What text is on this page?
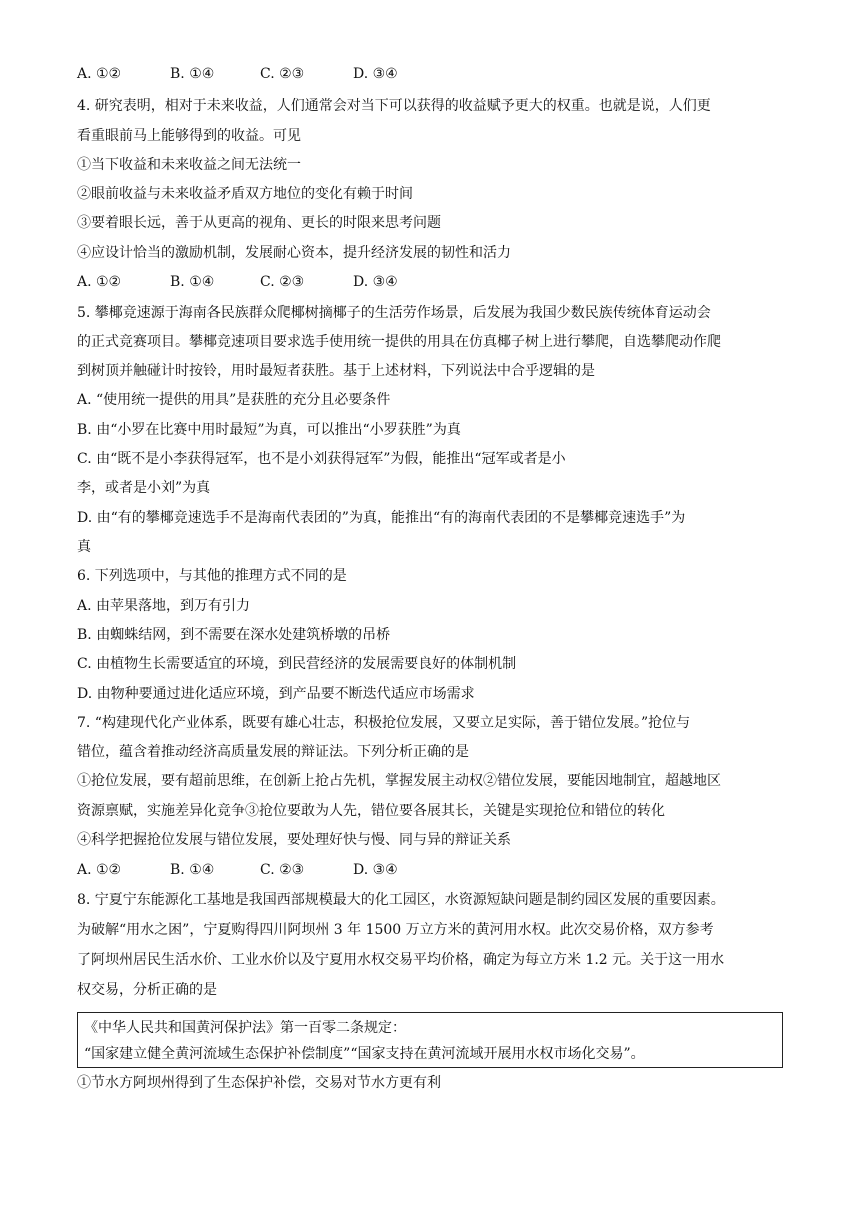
A. ①②	B. ①④	C. ②③	D. ③④
4. 研究表明，相对于未来收益，人们通常会对当下可以获得的收益赋予更大的权重。也就是说，人们更
看重眼前马上能够得到的收益。可见
①当下收益和未来收益之间无法统一
②眼前收益与未来收益矛盾双方地位的变化有赖于时间
③要着眼长远，善于从更高的视角、更长的时限来思考问题
④应设计恰当的激励机制，发展耐心资本，提升经济发展的韧性和活力
A. ①②	B. ①④	C. ②③	D. ③④
5. 攀椰竞速源于海南各民族群众爬椰树摘椰子的生活劳作场景，后发展为我国少数民族传统体育运动会
的正式竞赛项目。攀椰竞速项目要求选手使用统一提供的用具在仿真椰子树上进行攀爬，自选攀爬动作爬
到树顶并触碰计时按铃，用时最短者获胜。基于上述材料，下列说法中合乎逻辑的是
A. “使用统一提供的用具”是获胜的充分且必要条件
B. 由“小罗在比赛中用时最短”为真，可以推出“小罗获胜”为真
C. 由“既不是小李获得冠军，也不是小刘获得冠军”为假，能推出“冠军或者是小
李，或者是小刘”为真
D. 由“有的攀椰竞速选手不是海南代表团的”为真，能推出“有的海南代表团的不是攀椰竞速选手”为
真
6. 下列选项中，与其他的推理方式不同的是
A. 由苹果落地，到万有引力
B. 由蜘蛛结网，到不需要在深水处建筑桥墩的吊桥
C. 由植物生长需要适宜的环境，到民营经济的发展需要良好的体制机制
D. 由物种要通过进化适应环境，到产品要不断迭代适应市场需求
7. “构建现代化产业体系，既要有雄心壮志，积极抢位发展，又要立足实际，善于错位发展。”抢位与
错位，蕴含着推动经济高质量发展的辩证法。下列分析正确的是
①抢位发展，要有超前思维，在创新上抢占先机，掌握发展主动权②错位发展，要能因地制宜，超越地区
资源禀赋，实施差异化竞争③抢位要敢为人先，错位要各展其长，关键是实现抢位和错位的转化
④科学把握抢位发展与错位发展，要处理好快与慢、同与异的辩证关系
A. ①②	B. ①④	C. ②③	D. ③④
8. 宁夏宁东能源化工基地是我国西部规模最大的化工园区，水资源短缺问题是制约园区发展的重要因素。
为破解“用水之困”，宁夏购得四川阿坝州 3 年 1500 万立方米的黄河用水权。此次交易价格，双方参考
了阿坝州居民生活水价、工业水价以及宁夏用水权交易平均价格，确定为每立方米 1.2 元。关于这一用水
权交易，分析正确的是
《中华人民共和国黄河保护法》第一百零二条规定：
“国家建立健全黄河流域生态保护补偿制度”“国家支持在黄河流域开展用水权市场化交易”。
①节水方阿坝州得到了生态保护补偿，交易对节水方更有利
